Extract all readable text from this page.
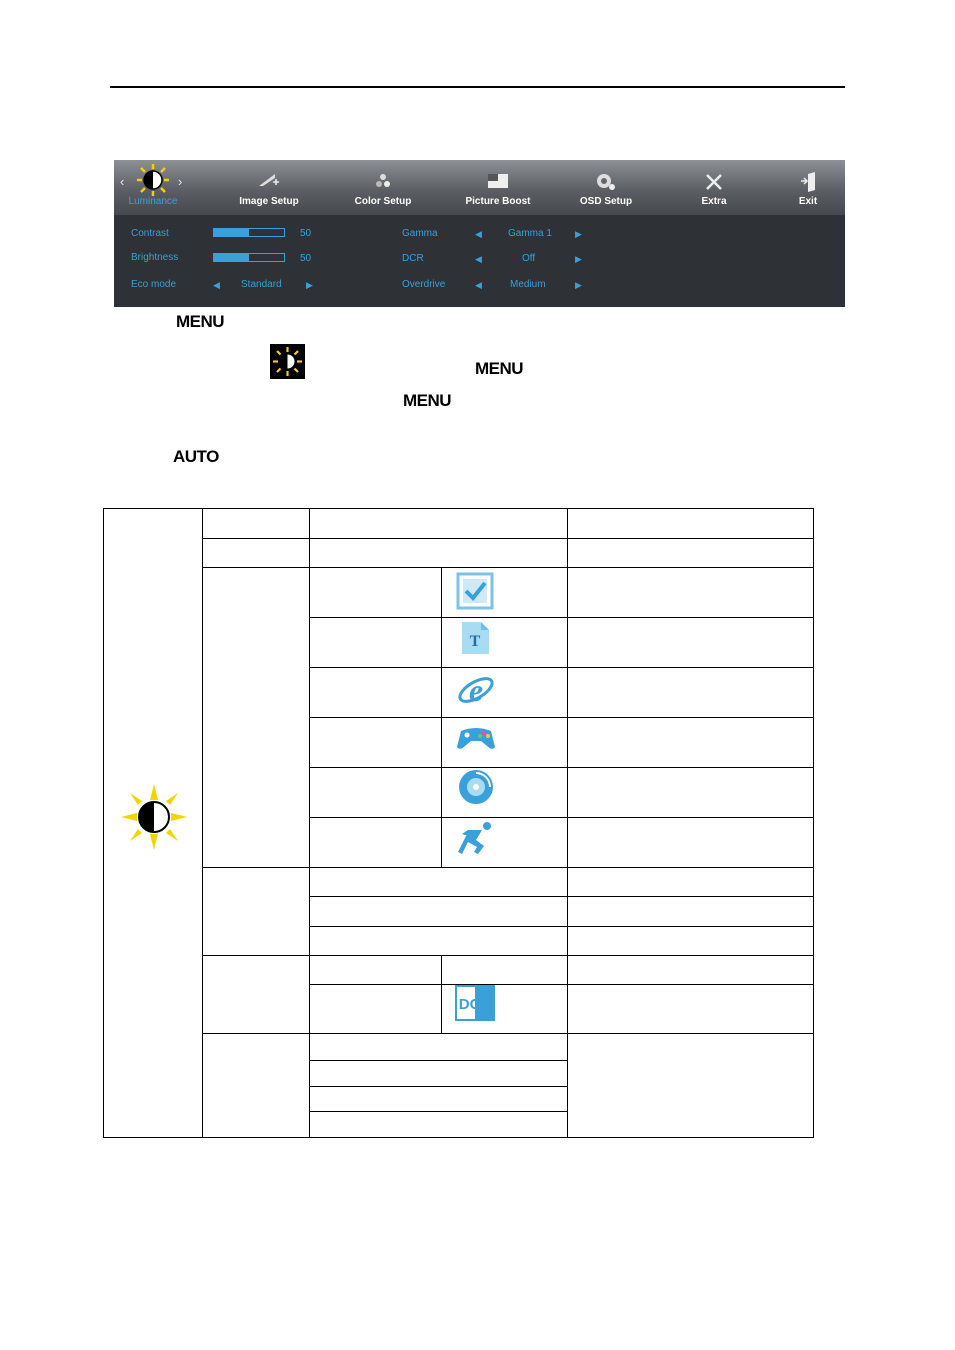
‹	›
Luminance	Image Setup	Color Setup	Picture Boost	OSD Setup	Extra	Exit
Contrast	50
Brightness	50
Eco mode	◀ Standard	▶
Gamma	◀	Gamma 1	▶
DCR	◀	Off	▶
Overdrive	◀	Medium	▶
MENU
MENU
MENU
AUTO
T
e
DCR
